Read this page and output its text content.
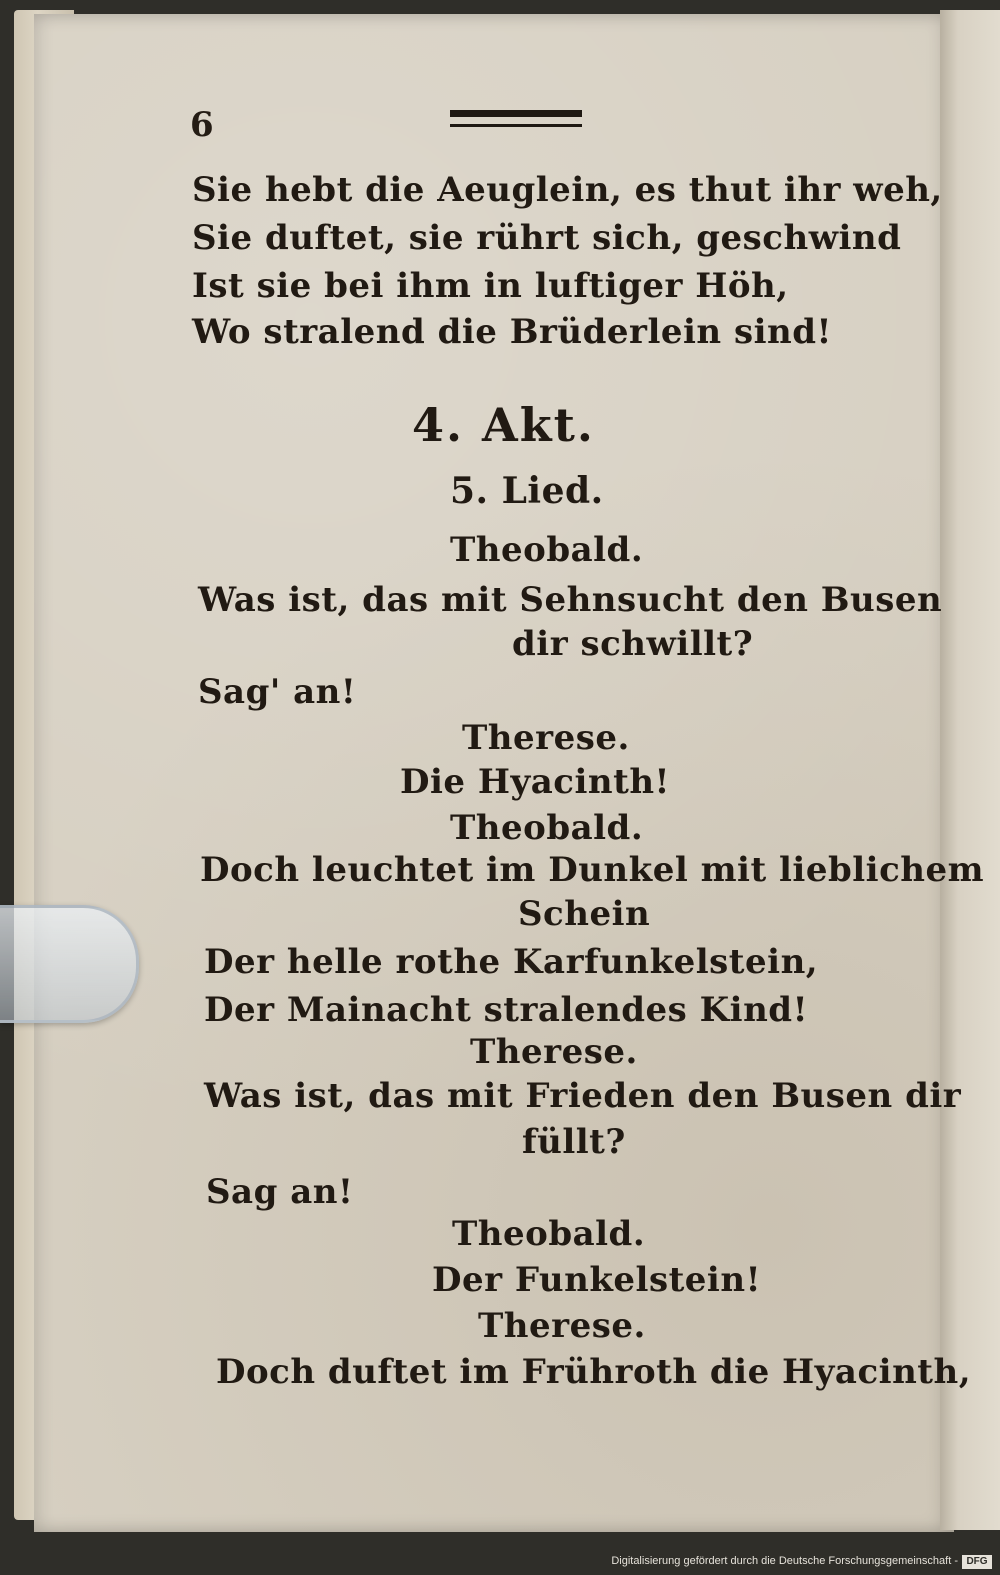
6
Sie hebt die Aeuglein, es thut ihr weh,
Sie duftet, sie rührt sich, geschwind
Ist sie bei ihm in luftiger Höh,
Wo stralend die Brüderlein sind!
4. Akt.
5. Lied.
Theobald.
Was ist, das mit Sehnsucht den Busen
dir schwillt?
Sag' an!
Therese.
Die Hyacinth!
Theobald.
Doch leuchtet im Dunkel mit lieblichem
Schein
Der helle rothe Karfunkelstein,
Der Mainacht stralendes Kind!
Therese.
Was ist, das mit Frieden den Busen dir
füllt?
Sag an!
Theobald.
Der Funkelstein!
Therese.
Doch duftet im Frühroth die Hyacinth,
Digitalisierung gefördert durch die Deutsche Forschungsgemeinschaft - DFG
